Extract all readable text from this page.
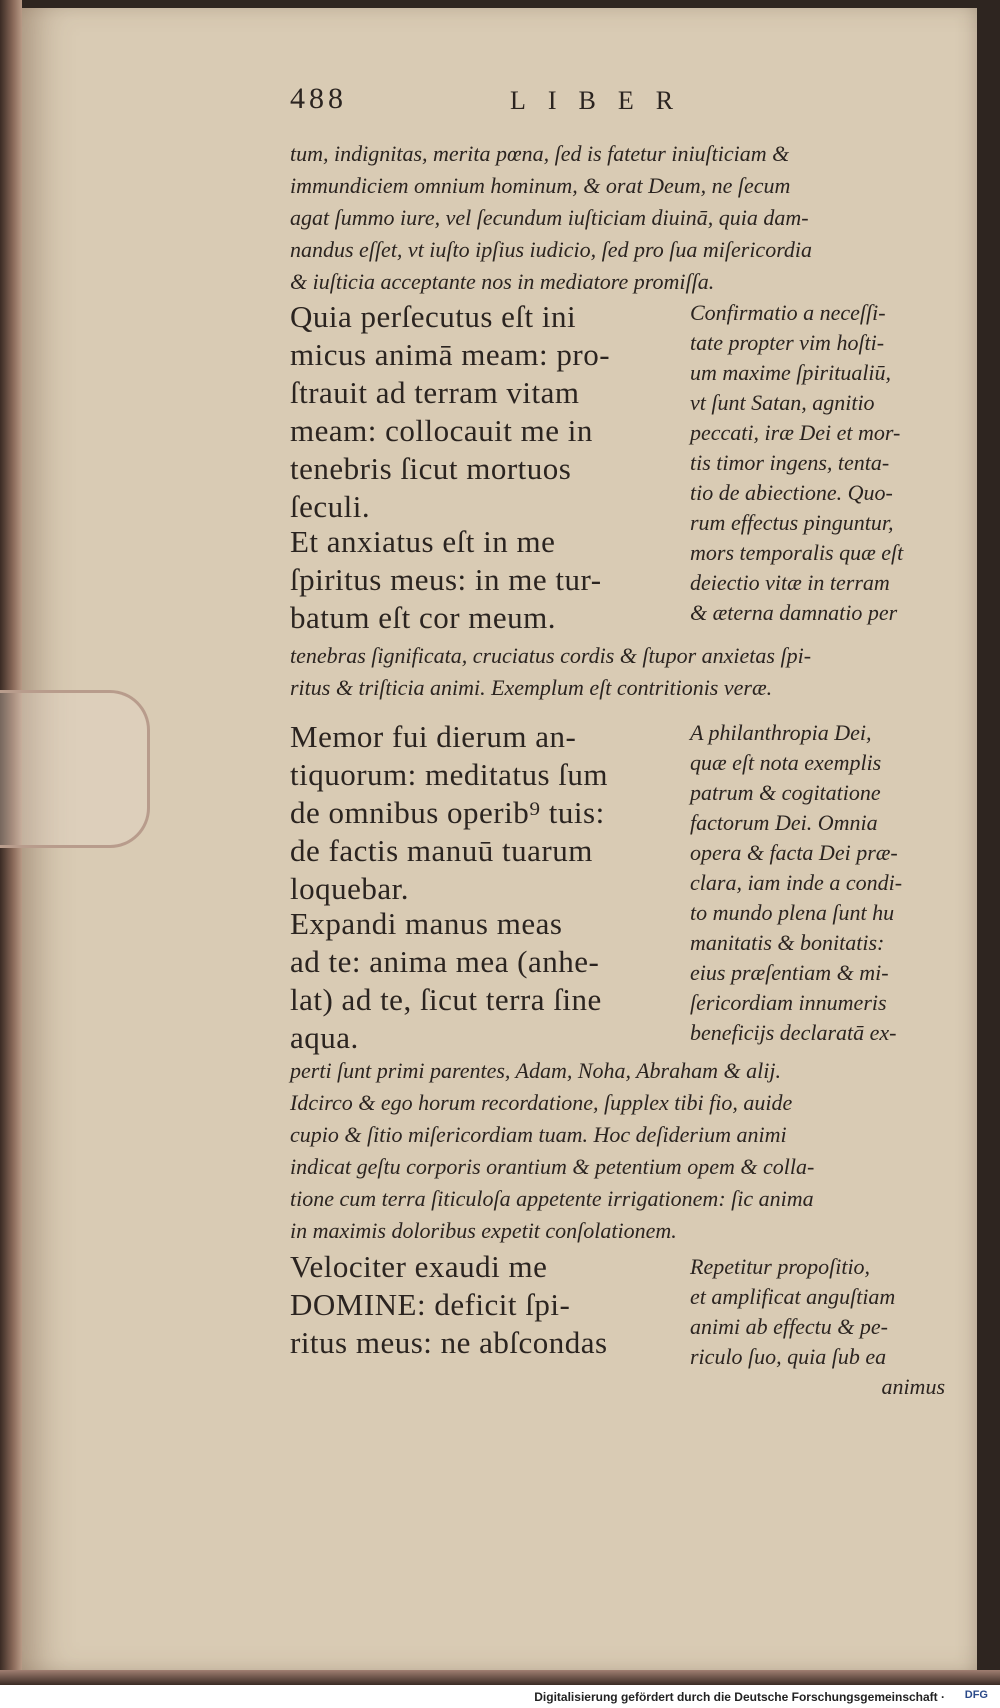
488	LIBER
tum, indignitas, merita pœna, ſed is fatetur iniuſticiam &
immundiciem omnium hominum, & orat Deum, ne ſecum
agat ſummo iure, vel ſecundum iuſticiam diuinā, quia dam-
nandus eſſet, vt iuſto ipſius iudicio, ſed pro ſua miſericordia
& iuſticia acceptante nos in mediatore promiſſa.
Quia perſecutus eſt ini
micus animā meam: pro-
ſtrauit ad terram vitam
meam: collocauit me in
tenebris ſicut mortuos
ſeculi.
Et anxiatus eſt in me
ſpiritus meus: in me tur-
batum eſt cor meum.
Confirmatio a neceſſi-
tate propter vim hoſti-
um maxime ſpiritualiū,
vt ſunt Satan, agnitio
peccati, iræ Dei et mor-
tis timor ingens, tenta-
tio de abiectione. Quo-
rum effectus pinguntur,
mors temporalis quæ eſt
deiectio vitæ in terram
& æterna damnatio per
tenebras ſignificata, cruciatus cordis & ſtupor anxietas ſpi-
ritus & triſticia animi. Exemplum eſt contritionis veræ.
Memor fui dierum an-
tiquorum: meditatus ſum
de omnibus operib⁹ tuis:
de factis manuū tuarum
loquebar.
Expandi manus meas
ad te: anima mea (anhe-
lat) ad te, ſicut terra ſine
aqua.
A philanthropia Dei,
quæ eſt nota exemplis
patrum & cogitatione
factorum Dei. Omnia
opera & facta Dei præ-
clara, iam inde a condi-
to mundo plena ſunt hu
manitatis & bonitatis:
eius præſentiam & mi-
ſericordiam innumeris
beneficijs declaratā ex-
perti ſunt primi parentes, Adam, Noha, Abraham & alij.
Idcirco & ego horum recordatione, ſupplex tibi fio, auide
cupio & ſitio miſericordiam tuam. Hoc deſiderium animi
indicat geſtu corporis orantium & petentium opem & colla-
tione cum terra ſiticuloſa appetente irrigationem: ſic anima
in maximis doloribus expetit conſolationem.
Velociter exaudi me
DOMINE: deficit ſpi-
ritus meus: ne abſcondas
Repetitur propoſitio,
et amplificat anguſtiam
animi ab effectu & pe-
riculo ſuo, quia ſub ea
animus
Digitalisierung gefördert durch die Deutsche Forschungsgemeinschaft · DFG
